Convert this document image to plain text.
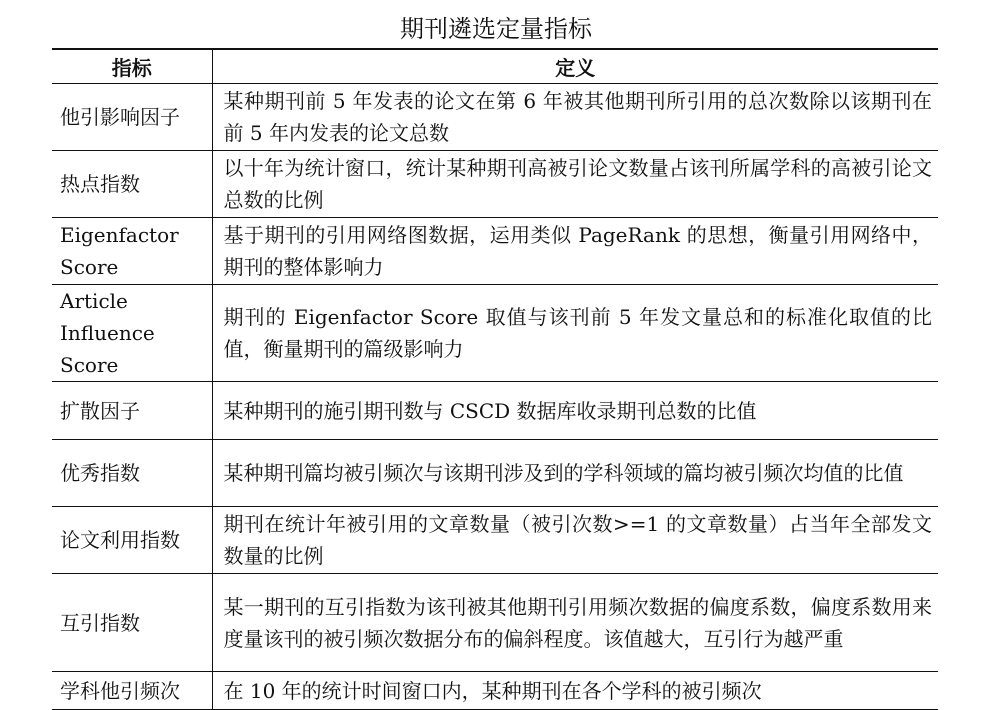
期刊遴选定量指标
指标	定义
他引影响因子	某种期刊前 5 年发表的论文在第 6 年被其他期刊所引用的总次数除以该期刊在前 5 年内发表的论文总数
热点指数	以十年为统计窗口，统计某种期刊高被引论文数量占该刊所属学科的高被引论文总数的比例
Eigenfactor Score	基于期刊的引用网络图数据，运用类似 PageRank 的思想，衡量引用网络中，期刊的整体影响力
Article Influence Score	期刊的 Eigenfactor Score 取值与该刊前 5 年发文量总和的标准化取值的比值，衡量期刊的篇级影响力
扩散因子	某种期刊的施引期刊数与 CSCD 数据库收录期刊总数的比值
优秀指数	某种期刊篇均被引频次与该期刊涉及到的学科领域的篇均被引频次均值的比值
论文利用指数	期刊在统计年被引用的文章数量（被引次数>=1 的文章数量）占当年全部发文数量的比例
互引指数	某一期刊的互引指数为该刊被其他期刊引用频次数据的偏度系数，偏度系数用来度量该刊的被引频次数据分布的偏斜程度。该值越大，互引行为越严重
学科他引频次	在 10 年的统计时间窗口内，某种期刊在各个学科的被引频次
